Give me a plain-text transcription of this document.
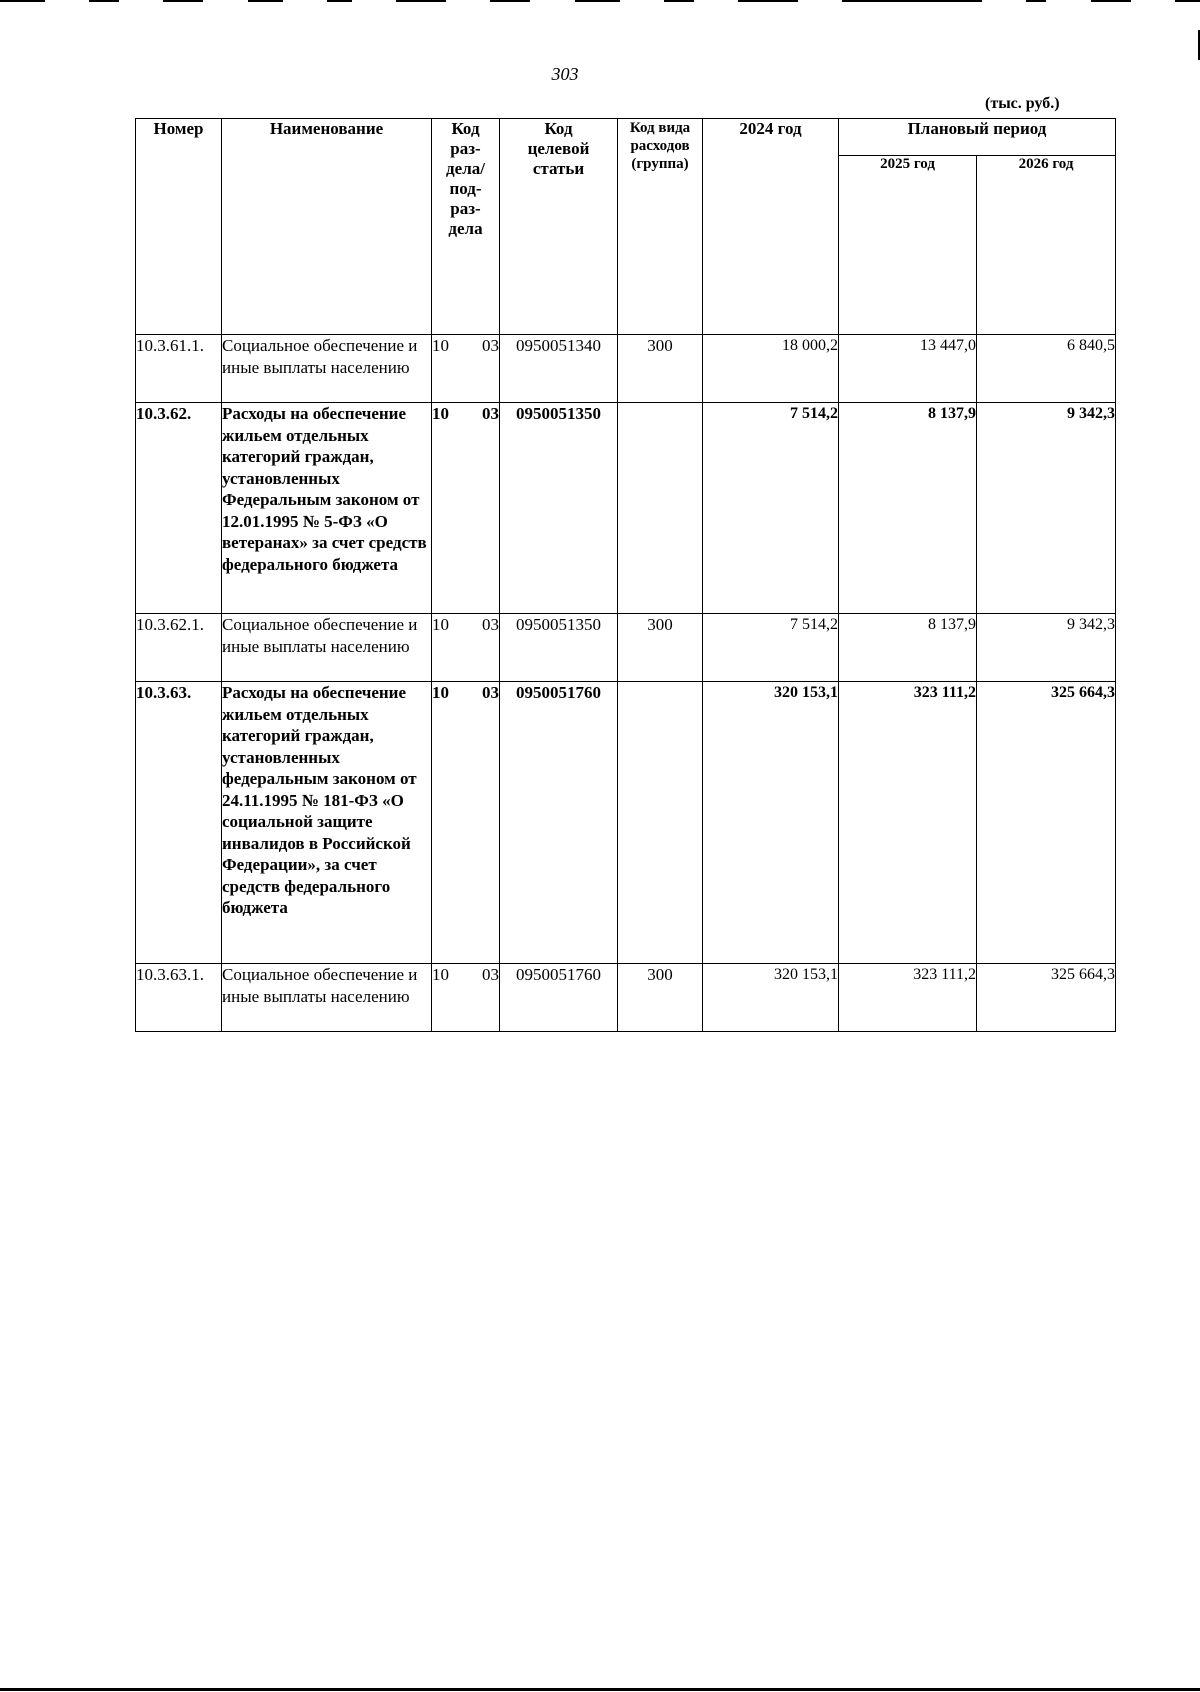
303
(тыс. руб.)
Номер	Наименование	Код раз- дела/ под- раз- дела	Код целевой статьи	Код вида расходов (группа)	2024 год	Плановый период	
						2025 год	2026 год
10.3.61.1.	Социальное обеспечение и иные выплаты населению	10 03	0950051340	300	18 000,2	13 447,0	6 840,5
10.3.62.	Расходы на обеспечение жильем отдельных категорий граждан, установленных Федеральным законом от 12.01.1995 № 5-ФЗ «О ветеранах» за счет средств федерального бюджета	10 03	0950051350		7 514,2	8 137,9	9 342,3
10.3.62.1.	Социальное обеспечение и иные выплаты населению	10 03	0950051350	300	7 514,2	8 137,9	9 342,3
10.3.63.	Расходы на обеспечение жильем отдельных категорий граждан, установленных федеральным законом от 24.11.1995 № 181-ФЗ «О социальной защите инвалидов в Российской Федерации», за счет средств федерального бюджета	10 03	0950051760		320 153,1	323 111,2	325 664,3
10.3.63.1.	Социальное обеспечение и иные выплаты населению	10 03	0950051760	300	320 153,1	323 111,2	325 664,3
